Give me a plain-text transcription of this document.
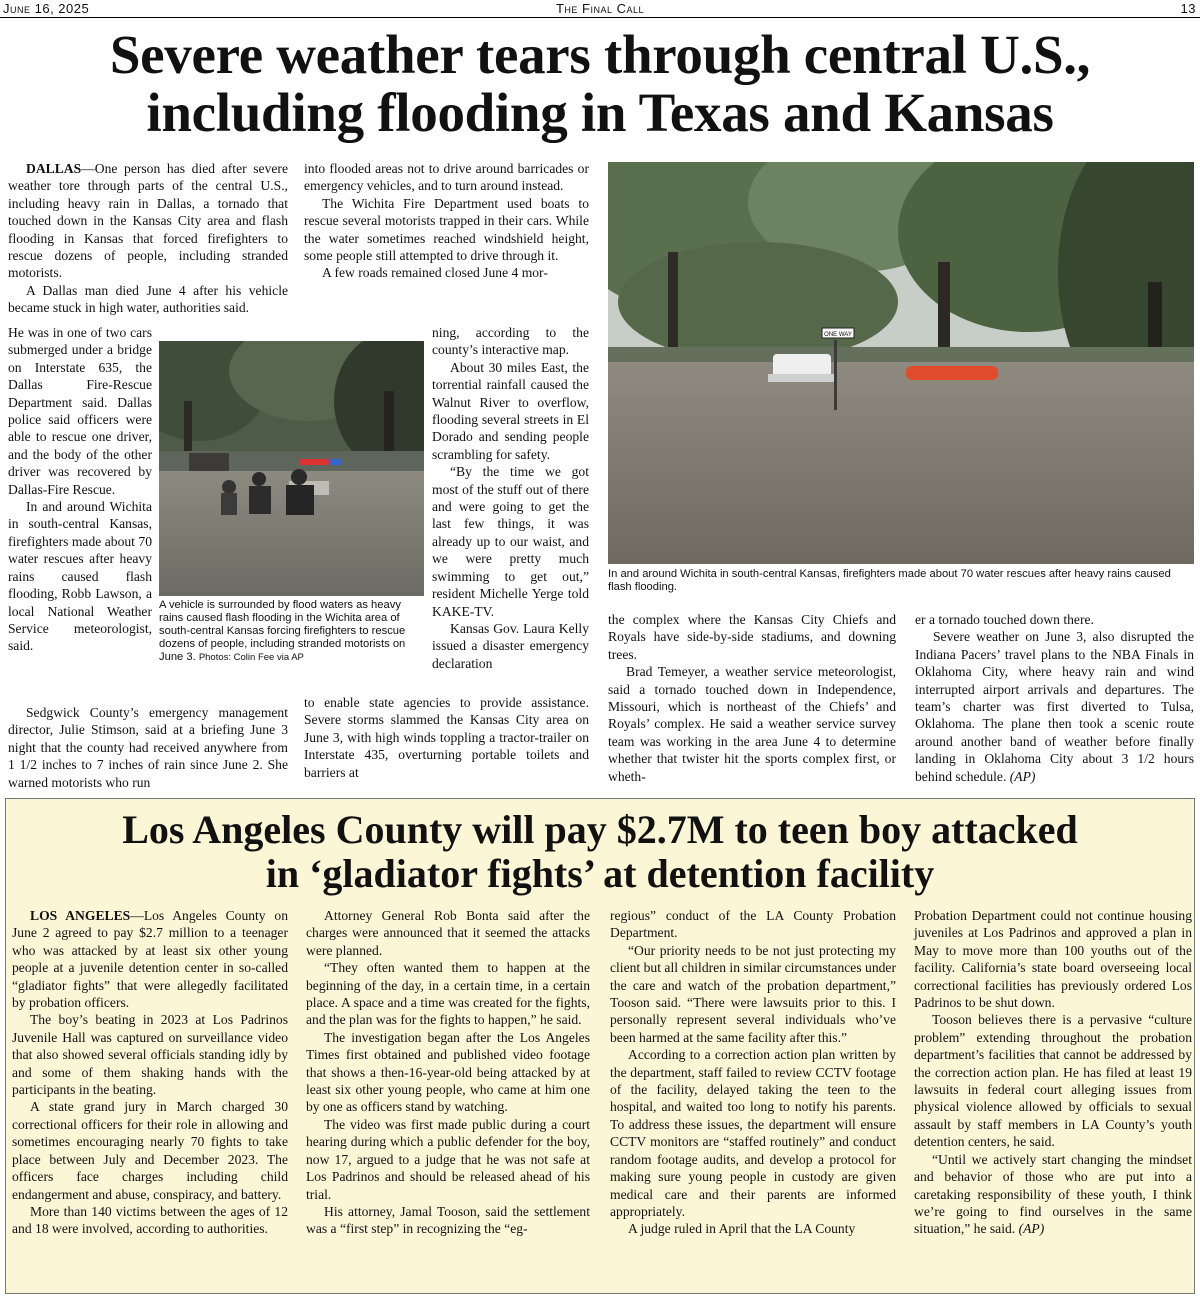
June 16, 2025	The Final Call	13
Severe weather tears through central U.S.,
including flooding in Texas and Kansas

DALLAS—One person has died after severe weather tore through parts of the central U.S., including heavy rain in Dallas, a tornado that touched down in the Kansas City area and flash flooding in Kansas that forced firefighters to rescue dozens of people, including stranded motorists.

A Dallas man died June 4 after his vehicle became stuck in high water, authorities said.

He was in one of two cars submerged under a bridge on Interstate 635, the Dallas Fire-Rescue Department said. Dallas police said officers were able to rescue one driver, and the body of the other driver was recovered by Dallas-Fire Rescue.

In and around Wichita in south-central Kansas, firefighters made about 70 water rescues after heavy rains caused flash flooding, Robb Lawson, a local National Weather Service meteorologist, said.

Sedgwick County’s emergency management director, Julie Stimson, said at a briefing June 3 night that the county had received anywhere from 1 1/2 inches to 7 inches of rain since June 2. She warned motorists who run

into flooded areas not to drive around barricades or emergency vehicles, and to turn around instead.

The Wichita Fire Department used boats to rescue several motorists trapped in their cars. While the water sometimes reached windshield height, some people still attempted to drive through it.

A few roads remained closed June 4 mor-

A vehicle is surrounded by flood waters as heavy rains caused flash flooding in the Wichita area of south-central Kansas forcing firefighters to rescue dozens of people, including stranded motorists on June 3. Photos: Colin Fee via AP

ning, according to the county’s interactive map.

About 30 miles East, the torrential rainfall caused the Walnut River to overflow, flooding several streets in El Dorado and sending people scrambling for safety.

“By the time we got most of the stuff out of there and were going to get the last few things, it was already up to our waist, and we were pretty much swimming to get out,” resident Michelle Yerge told KAKE-TV.

Kansas Gov. Laura Kelly issued a disaster emergency declaration

to enable state agencies to provide assistance. Severe storms slammed the Kansas City area on June 3, with high winds toppling a tractor-trailer on Interstate 435, overturning portable toilets and barriers at

ONE WAY
In and around Wichita in south-central Kansas, firefighters made about 70 water rescues after heavy rains caused flash flooding.

the complex where the Kansas City Chiefs and Royals have side-by-side stadiums, and downing trees.

Brad Temeyer, a weather service meteorologist, said a tornado touched down in Independence, Missouri, which is northeast of the Chiefs’ and Royals’ complex. He said a weather service survey team was working in the area June 4 to determine whether that twister hit the sports complex first, or wheth-

er a tornado touched down there.

Severe weather on June 3, also disrupted the Indiana Pacers’ travel plans to the NBA Finals in Oklahoma City, where heavy rain and wind interrupted airport arrivals and departures. The team’s charter was first diverted to Tulsa, Oklahoma. The plane then took a scenic route around another band of weather before finally landing in Oklahoma City about 3 1/2 hours behind schedule. (AP)

Los Angeles County will pay $2.7M to teen boy attacked
in ‘gladiator fights’ at detention facility

LOS ANGELES—Los Angeles County on June 2 agreed to pay $2.7 million to a teenager who was attacked by at least six other young people at a juvenile detention center in so-called “gladiator fights” that were allegedly facilitated by probation officers.

The boy’s beating in 2023 at Los Padrinos Juvenile Hall was captured on surveillance video that also showed several officials standing idly by and some of them shaking hands with the participants in the beating.

A state grand jury in March charged 30 correctional officers for their role in allowing and sometimes encouraging nearly 70 fights to take place between July and December 2023. The officers face charges including child endangerment and abuse, conspiracy, and battery.

More than 140 victims between the ages of 12 and 18 were involved, according to authorities.

Attorney General Rob Bonta said after the charges were announced that it seemed the attacks were planned.

“They often wanted them to happen at the beginning of the day, in a certain time, in a certain place. A space and a time was created for the fights, and the plan was for the fights to happen,” he said.

The investigation began after the Los Angeles Times first obtained and published video footage that shows a then-16-year-old being attacked by at least six other young people, who came at him one by one as officers stand by watching.

The video was first made public during a court hearing during which a public defender for the boy, now 17, argued to a judge that he was not safe at Los Padrinos and should be released ahead of his trial.

His attorney, Jamal Tooson, said the settlement was a “first step” in recognizing the “eg-

regious” conduct of the LA County Probation Department.

“Our priority needs to be not just protecting my client but all children in similar circumstances under the care and watch of the probation department,” Tooson said. “There were lawsuits prior to this. I personally represent several individuals who’ve been harmed at the same facility after this.”

According to a correction action plan written by the department, staff failed to review CCTV footage of the facility, delayed taking the teen to the hospital, and waited too long to notify his parents. To address these issues, the department will ensure CCTV monitors are “staffed routinely” and conduct random footage audits, and develop a protocol for making sure young people in custody are given medical care and their parents are informed appropriately.

A judge ruled in April that the LA County

Probation Department could not continue housing juveniles at Los Padrinos and approved a plan in May to move more than 100 youths out of the facility. California’s state board overseeing local correctional facilities has previously ordered Los Padrinos to be shut down.

Tooson believes there is a pervasive “culture problem” extending throughout the probation department’s facilities that cannot be addressed by the correction action plan. He has filed at least 19 lawsuits in federal court alleging issues from physical violence allowed by officials to sexual assault by staff members in LA County’s youth detention centers, he said.

“Until we actively start changing the mindset and behavior of those who are put into a caretaking responsibility of these youth, I think we’re going to find ourselves in the same situation,” he said. (AP)
